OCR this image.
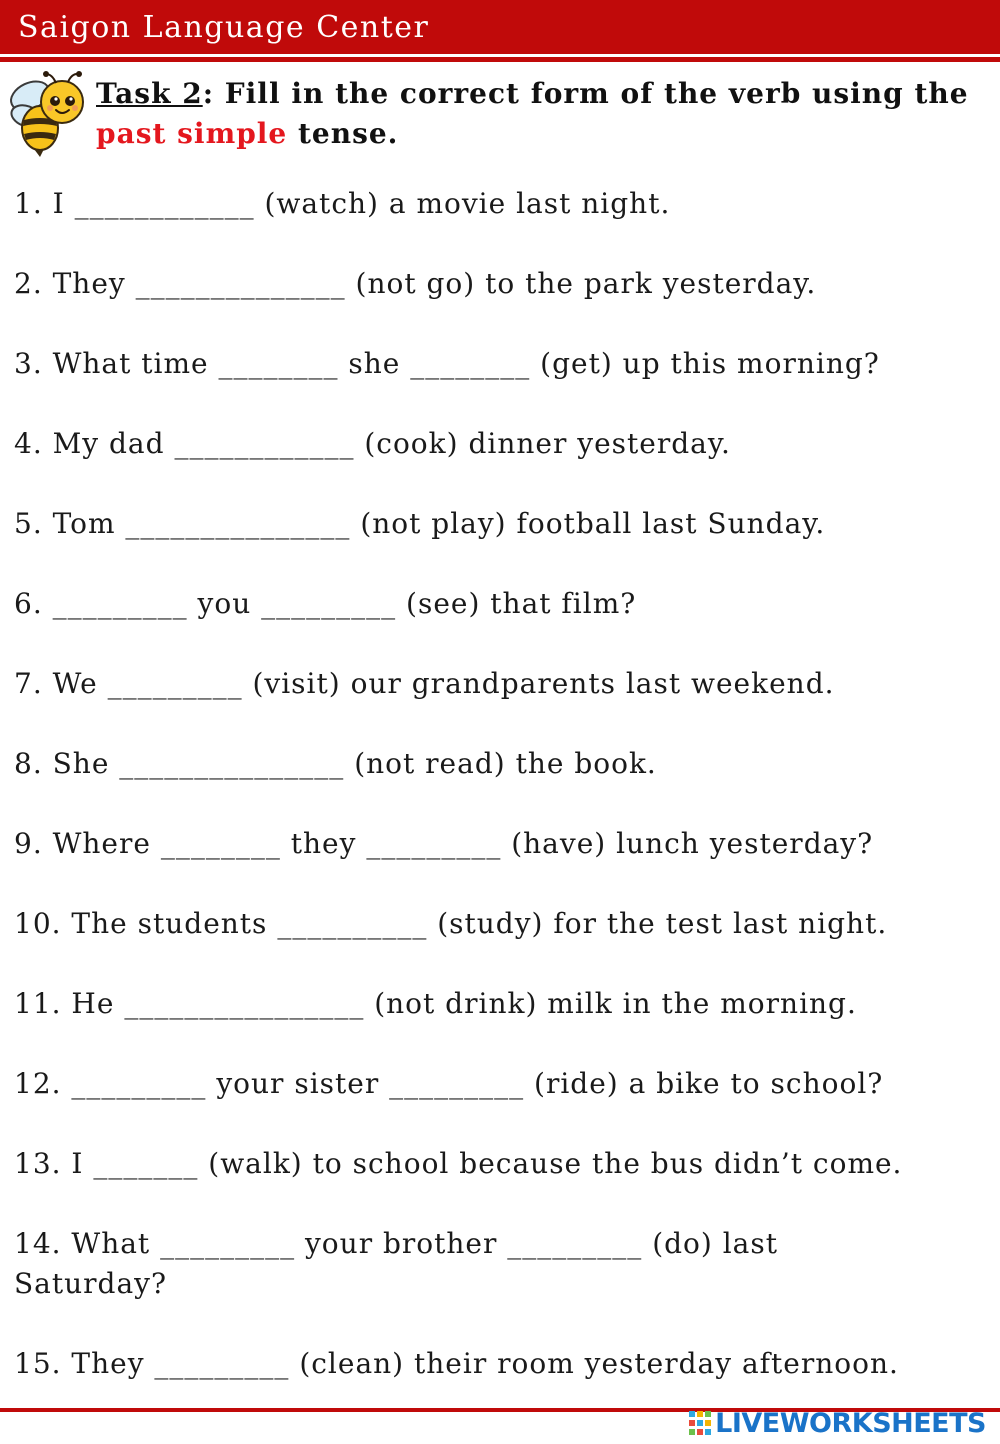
Saigon Language Center
Task 2: Fill in the correct form of the verb using the past simple tense.
1. I ____________ (watch) a movie last night.
2. They ______________ (not go) to the park yesterday.
3. What time ________ she ________ (get) up this morning?
4. My dad ____________ (cook) dinner yesterday.
5. Tom _______________ (not play) football last Sunday.
6. _________ you _________ (see) that film?
7. We _________ (visit) our grandparents last weekend.
8. She _______________ (not read) the book.
9. Where ________ they _________ (have) lunch yesterday?
10. The students __________ (study) for the test last night.
11. He ________________ (not drink) milk in the morning.
12. _________ your sister _________ (ride) a bike to school?
13. I _______ (walk) to school because the bus didn’t come.
14. What _________ your brother _________ (do) last Saturday?
15. They _________ (clean) their room yesterday afternoon.
LIVEWORKSHEETS
